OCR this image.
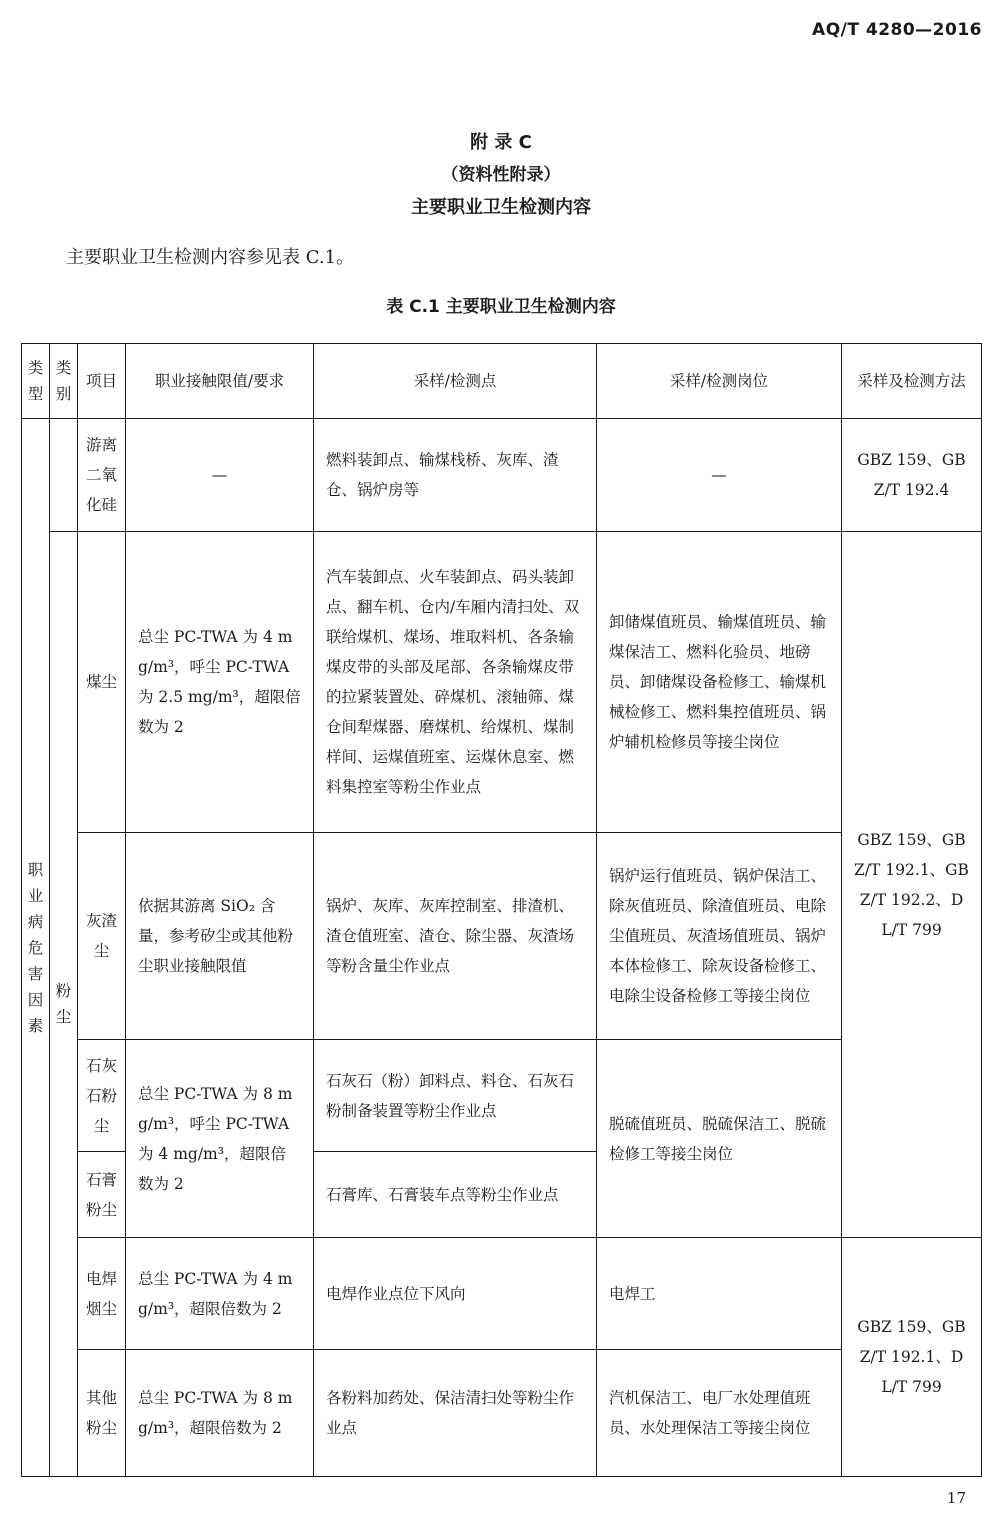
AQ/T 4280—2016
附 录 C
（资料性附录）
主要职业卫生检测内容
主要职业卫生检测内容参见表 C.1。
表 C.1 主要职业卫生检测内容
类型	类别	项目	职业接触限值/要求	采样/检测点	采样/检测岗位	采样及检测方法
职业病危害因素		游离二氧化硅	—	燃料装卸点、输煤栈桥、灰库、渣仓、锅炉房等	—	GBZ 159、GBZ/T 192.4
	粉尘	煤尘	总尘 PC-TWA 为 4 mg/m³，呼尘 PC-TWA 为 2.5 mg/m³，超限倍数为 2	汽车装卸点、火车装卸点、码头装卸点、翻车机、仓内/车厢内清扫处、双联给煤机、煤场、堆取料机、各条输煤皮带的头部及尾部、各条输煤皮带的拉紧装置处、碎煤机、滚轴筛、煤仓间犁煤器、磨煤机、给煤机、煤制样间、运煤值班室、运煤休息室、燃料集控室等粉尘作业点	卸储煤值班员、输煤值班员、输煤保洁工、燃料化验员、地磅员、卸储煤设备检修工、输煤机械检修工、燃料集控值班员、锅炉辅机检修员等接尘岗位	GBZ 159、GBZ/T 192.1、GBZ/T 192.2、DL/T 799
		灰渣尘	依据其游离 SiO₂ 含量，参考矽尘或其他粉尘职业接触限值	锅炉、灰库、灰库控制室、排渣机、渣仓值班室、渣仓、除尘器、灰渣场等粉含量尘作业点	锅炉运行值班员、锅炉保洁工、除灰值班员、除渣值班员、电除尘值班员、灰渣场值班员、锅炉本体检修工、除灰设备检修工、电除尘设备检修工等接尘岗位	
		石灰石粉尘	总尘 PC-TWA 为 8 mg/m³，呼尘 PC-TWA 为 4 mg/m³，超限倍数为 2	石灰石（粉）卸料点、料仓、石灰石粉制备装置等粉尘作业点	脱硫值班员、脱硫保洁工、脱硫检修工等接尘岗位	
		石膏粉尘		石膏库、石膏装车点等粉尘作业点		
		电焊烟尘	总尘 PC-TWA 为 4 mg/m³，超限倍数为 2	电焊作业点位下风向	电焊工	GBZ 159、GBZ/T 192.1、DL/T 799
		其他粉尘	总尘 PC-TWA 为 8 mg/m³，超限倍数为 2	各粉料加药处、保洁清扫处等粉尘作业点	汽机保洁工、电厂水处理值班员、水处理保洁工等接尘岗位	
17
